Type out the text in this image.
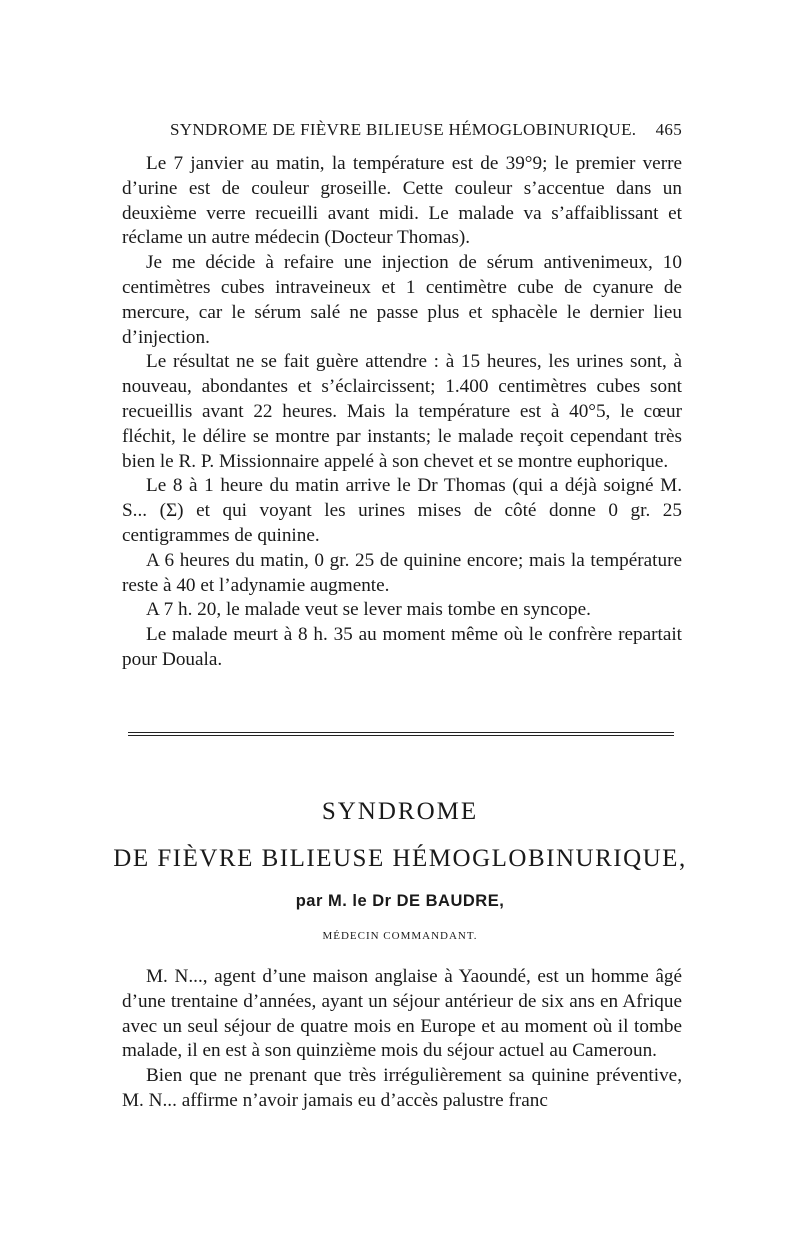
SYNDROME DE FIÈVRE BILIEUSE HÉMOGLOBINURIQUE. 465

Le 7 janvier au matin, la température est de 39°9; le premier verre d’urine est de couleur groseille. Cette couleur s’accentue dans un deuxième verre recueilli avant midi. Le malade va s’affaiblissant et réclame un autre médecin (Docteur Thomas).

Je me décide à refaire une injection de sérum antivenimeux, 10 centimètres cubes intraveineux et 1 centimètre cube de cyanure de mercure, car le sérum salé ne passe plus et sphacèle le dernier lieu d’injection.

Le résultat ne se fait guère attendre : à 15 heures, les urines sont, à nouveau, abondantes et s’éclaircissent; 1.400 centimètres cubes sont recueillis avant 22 heures. Mais la température est à 40°5, le cœur fléchit, le délire se montre par instants; le malade reçoit cependant très bien le R. P. Missionnaire appelé à son chevet et se montre euphorique.

Le 8 à 1 heure du matin arrive le Dr Thomas (qui a déjà soigné M. S... (Σ) et qui voyant les urines mises de côté donne 0 gr. 25 centigrammes de quinine.

A 6 heures du matin, 0 gr. 25 de quinine encore; mais la température reste à 40 et l’adynamie augmente.

A 7 h. 20, le malade veut se lever mais tombe en syncope.

Le malade meurt à 8 h. 35 au moment même où le confrère repartait pour Douala.

SYNDROME
DE FIÈVRE BILIEUSE HÉMOGLOBINURIQUE,
par M. le Dr DE BAUDRE,
MÉDECIN COMMANDANT.

M. N..., agent d’une maison anglaise à Yaoundé, est un homme âgé d’une trentaine d’années, ayant un séjour antérieur de six ans en Afrique avec un seul séjour de quatre mois en Europe et au moment où il tombe malade, il en est à son quinzième mois du séjour actuel au Cameroun.

Bien que ne prenant que très irrégulièrement sa quinine préventive, M. N... affirme n’avoir jamais eu d’accès palustre franc
